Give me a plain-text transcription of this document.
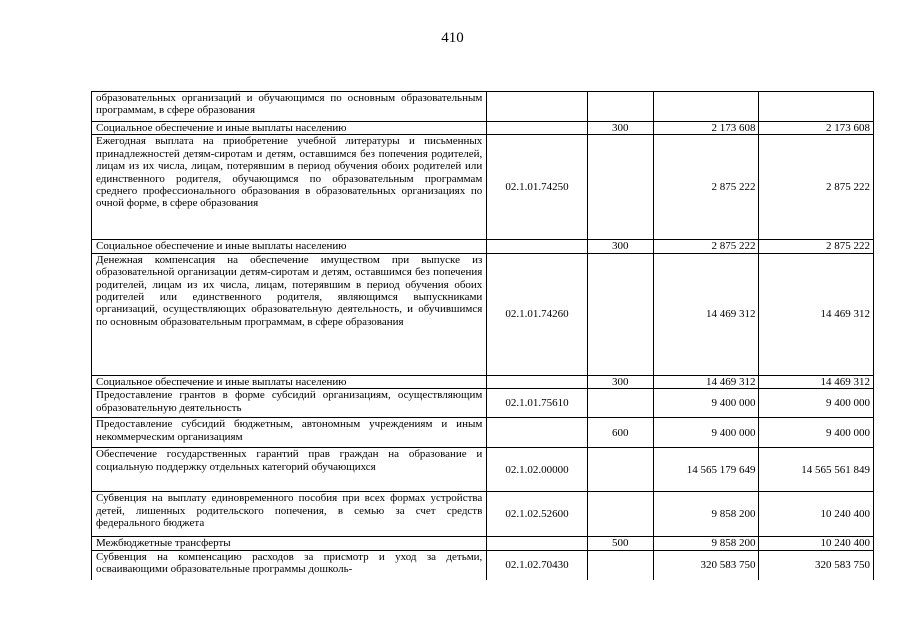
410
образовательных организаций и обучающимся по основным образовательным программам, в сфере образования				
Социальное обеспечение и иные выплаты населению		300	2 173 608	2 173 608
Ежегодная выплата на приобретение учебной литературы и письменных принадлежностей детям-сиротам и детям, оставшимся без попечения родителей, лицам из их числа, лицам, потерявшим в период обучения обоих родителей или единственного родителя, обучающимся по образовательным программам среднего профессионального образования в образовательных организациях по очной форме, в сфере образования	02.1.01.74250		2 875 222	2 875 222
Социальное обеспечение и иные выплаты населению		300	2 875 222	2 875 222
Денежная компенсация на обеспечение имуществом при выпуске из образовательной организации детям-сиротам и детям, оставшимся без попечения родителей, лицам из их числа, лицам, потерявшим в период обучения обоих родителей или единственного родителя, являющимся выпускниками организаций, осуществляющих образовательную деятельность, и обучившимся по основным образовательным программам, в сфере образования	02.1.01.74260		14 469 312	14 469 312
Социальное обеспечение и иные выплаты населению		300	14 469 312	14 469 312
Предоставление грантов в форме субсидий организациям, осуществляющим образовательную деятельность	02.1.01.75610		9 400 000	9 400 000
Предоставление субсидий бюджетным, автономным учреждениям и иным некоммерческим организациям		600	9 400 000	9 400 000
Обеспечение государственных гарантий прав граждан на образование и социальную поддержку отдельных категорий обучающихся	02.1.02.00000		14 565 179 649	14 565 561 849
Субвенция на выплату единовременного пособия при всех формах устройства детей, лишенных родительского попечения, в семью за счет средств федерального бюджета	02.1.02.52600		9 858 200	10 240 400
Межбюджетные трансферты		500	9 858 200	10 240 400
Субвенция на компенсацию расходов за присмотр и уход за детьми, осваивающими образовательные программы дошколь-	02.1.02.70430		320 583 750	320 583 750
